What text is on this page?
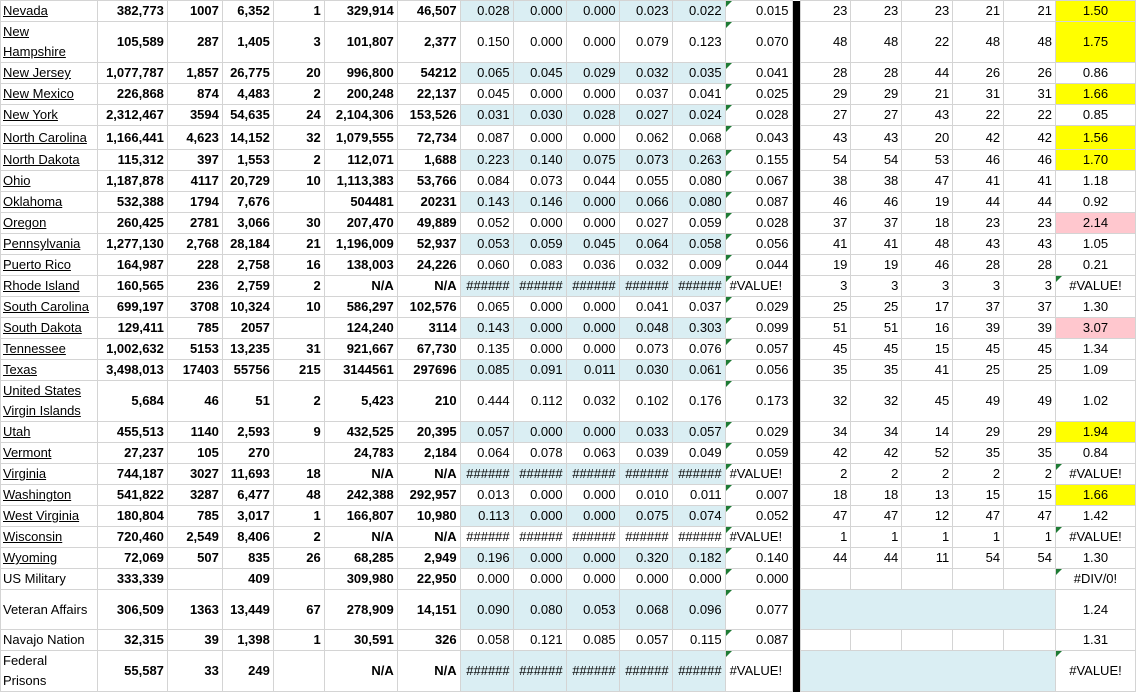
Nevada	382,773	1007	6,352	1	329,914	46,507	0.028	0.000	0.000	0.023	0.022	0.015		23	23	23	21	21	1.50
New Hampshire	105,589	287	1,405	3	101,807	2,377	0.150	0.000	0.000	0.079	0.123	0.070		48	48	22	48	48	1.75
New Jersey	1,077,787	1,857	26,775	20	996,800	54212	0.065	0.045	0.029	0.032	0.035	0.041		28	28	44	26	26	0.86
New Mexico	226,868	874	4,483	2	200,248	22,137	0.045	0.000	0.000	0.037	0.041	0.025		29	29	21	31	31	1.66
New York	2,312,467	3594	54,635	24	2,104,306	153,526	0.031	0.030	0.028	0.027	0.024	0.028		27	27	43	22	22	0.85
North Carolina	1,166,441	4,623	14,152	32	1,079,555	72,734	0.087	0.000	0.000	0.062	0.068	0.043		43	43	20	42	42	1.56
North Dakota	115,312	397	1,553	2	112,071	1,688	0.223	0.140	0.075	0.073	0.263	0.155		54	54	53	46	46	1.70
Ohio	1,187,878	4117	20,729	10	1,113,383	53,766	0.084	0.073	0.044	0.055	0.080	0.067		38	38	47	41	41	1.18
Oklahoma	532,388	1794	7,676		504481	20231	0.143	0.146	0.000	0.066	0.080	0.087		46	46	19	44	44	0.92
Oregon	260,425	2781	3,066	30	207,470	49,889	0.052	0.000	0.000	0.027	0.059	0.028		37	37	18	23	23	2.14
Pennsylvania	1,277,130	2,768	28,184	21	1,196,009	52,937	0.053	0.059	0.045	0.064	0.058	0.056		41	41	48	43	43	1.05
Puerto Rico	164,987	228	2,758	16	138,003	24,226	0.060	0.083	0.036	0.032	0.009	0.044		19	19	46	28	28	0.21
Rhode Island	160,565	236	2,759	2	N/A	N/A	######	######	######	######	######	#VALUE!		3	3	3	3	3	#VALUE!

South Carolina	699,197	3708	10,324	10	586,297	102,576	0.065	0.000	0.000	0.041	0.037	0.029		25	25	17	37	37	1.30
South Dakota	129,411	785	2057		124,240	3114	0.143	0.000	0.000	0.048	0.303	0.099		51	51	16	39	39	3.07
Tennessee	1,002,632	5153	13,235	31	921,667	67,730	0.135	0.000	0.000	0.073	0.076	0.057		45	45	15	45	45	1.34
Texas	3,498,013	17403	55756	215	3144561	297696	0.085	0.091	0.011	0.030	0.061	0.056		35	35	41	25	25	1.09
United States Virgin Islands	5,684	46	51	2	5,423	210	0.444	0.112	0.032	0.102	0.176	0.173		32	32	45	49	49	1.02
Utah	455,513	1140	2,593	9	432,525	20,395	0.057	0.000	0.000	0.033	0.057	0.029		34	34	14	29	29	1.94
Vermont	27,237	105	270		24,783	2,184	0.064	0.078	0.063	0.039	0.049	0.059		42	42	52	35	35	0.84
Virginia	744,187	3027	11,693	18	N/A	N/A	######	######	######	######	######	#VALUE!		2	2	2	2	2	#VALUE!

Washington	541,822	3287	6,477	48	242,388	292,957	0.013	0.000	0.000	0.010	0.011	0.007		18	18	13	15	15	1.66
West Virginia	180,804	785	3,017	1	166,807	10,980	0.113	0.000	0.000	0.075	0.074	0.052		47	47	12	47	47	1.42
Wisconsin	720,460	2,549	8,406	2	N/A	N/A	######	######	######	######	######	#VALUE!		1	1	1	1	1	#VALUE!

Wyoming	72,069	507	835	26	68,285	2,949	0.196	0.000	0.000	0.320	0.182	0.140		44	44	11	54	54	1.30
US Military	333,339		409		309,980	22,950	0.000	0.000	0.000	0.000	0.000	0.000							#DIV/0!

Veteran Affairs	306,509	1363	13,449	67	278,909	14,151	0.090	0.080	0.053	0.068	0.096	0.077							1.24
Navajo Nation	32,315	39	1,398	1	30,591	326	0.058	0.121	0.085	0.057	0.115	0.087							1.31
Federal Prisons	55,587	33	249		N/A	N/A	######	######	######	######	######	#VALUE!							#VALUE!
